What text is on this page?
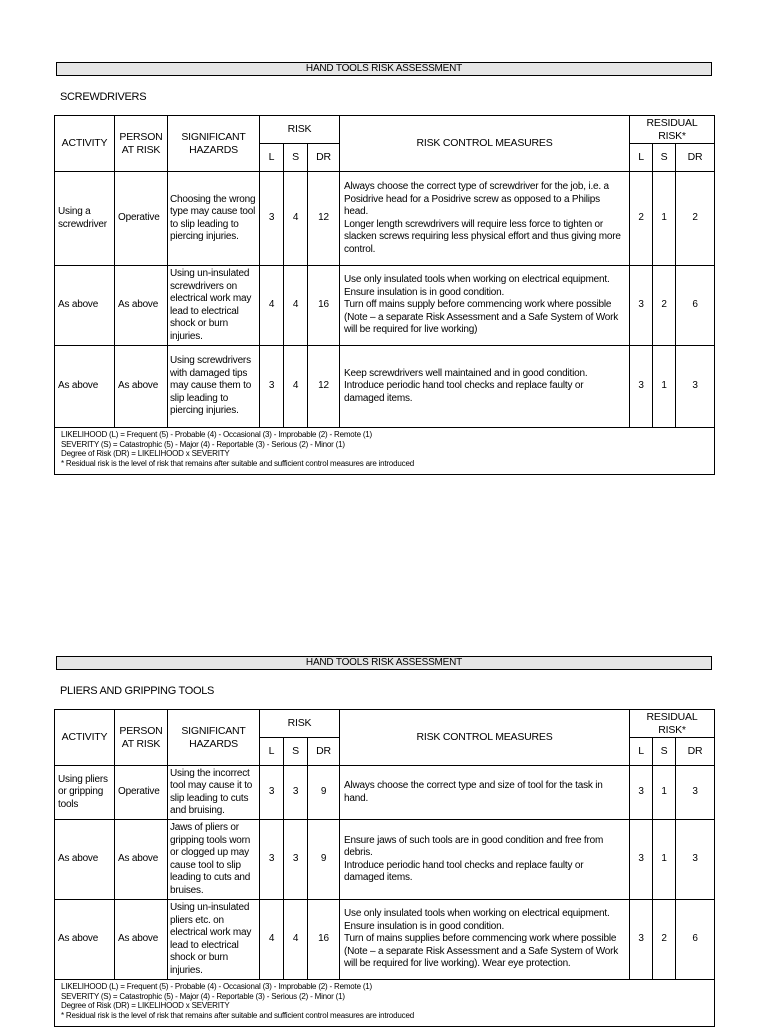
HAND TOOLS RISK ASSESSMENT
SCREWDRIVERS
ACTIVITY	PERSON AT RISK	SIGNIFICANT HAZARDS	RISK			RISK CONTROL MEASURES	RESIDUAL RISK*		
			L	S	DR		L	S	DR
Using a screwdriver	Operative	Choosing the wrong type may cause tool to slip leading to piercing injuries.	3	4	12	Always choose the correct type of screwdriver for the job, i.e. a Posidrive head for a Posidrive screw as opposed to a Philips head.
Longer length screwdrivers will require less force to tighten or slacken screws requiring less physical effort and thus giving more control.	2	1	2
As above	As above	Using un-insulated screwdrivers on electrical work may lead to electrical shock or burn injuries.	4	4	16	Use only insulated tools when working on electrical equipment.
Ensure insulation is in good condition.
Turn off mains supply before commencing work where possible (Note – a separate Risk Assessment and a Safe System of Work will be required for live working)	3	2	6
As above	As above	Using screwdrivers with damaged tips may cause them to slip leading to piercing injuries.	3	4	12	Keep screwdrivers well maintained and in good condition.
Introduce periodic hand tool checks and replace faulty or damaged items.	3	1	3

LIKELIHOOD (L) = Frequent (5) - Probable (4) - Occasional (3) - Improbable (2) - Remote (1)
SEVERITY (S) = Catastrophic (5) - Major (4) - Reportable (3) - Serious (2) - Minor (1)
Degree of Risk (DR) = LIKELIHOOD x SEVERITY
* Residual risk is the level of risk that remains after suitable and sufficient control measures are introduced									
HAND TOOLS RISK ASSESSMENT
PLIERS AND GRIPPING TOOLS
ACTIVITY	PERSON AT RISK	SIGNIFICANT HAZARDS	RISK			RISK CONTROL MEASURES	RESIDUAL RISK*		
			L	S	DR		L	S	DR
Using pliers or gripping tools	Operative	Using the incorrect tool may cause it to slip leading to cuts and bruising.	3	3	9	Always choose the correct type and size of tool for the task in hand.	3	1	3
As above	As above	Jaws of pliers or gripping tools worn or clogged up may cause tool to slip leading to cuts and bruises.	3	3	9	Ensure jaws of such tools are in good condition and free from debris.
Introduce periodic hand tool checks and replace faulty or damaged items.	3	1	3
As above	As above	Using un-insulated pliers etc. on electrical work may lead to electrical shock or burn injuries.	4	4	16	Use only insulated tools when working on electrical equipment.
Ensure insulation is in good condition.
Turn of mains supplies before commencing work where possible (Note – a separate Risk Assessment and a Safe System of Work will be required for live working). Wear eye protection.	3	2	6

LIKELIHOOD (L) = Frequent (5) - Probable (4) - Occasional (3) - Improbable (2) - Remote (1)
SEVERITY (S) = Catastrophic (5) - Major (4) - Reportable (3) - Serious (2) - Minor (1)
Degree of Risk (DR) = LIKELIHOOD x SEVERITY
* Residual risk is the level of risk that remains after suitable and sufficient control measures are introduced									
